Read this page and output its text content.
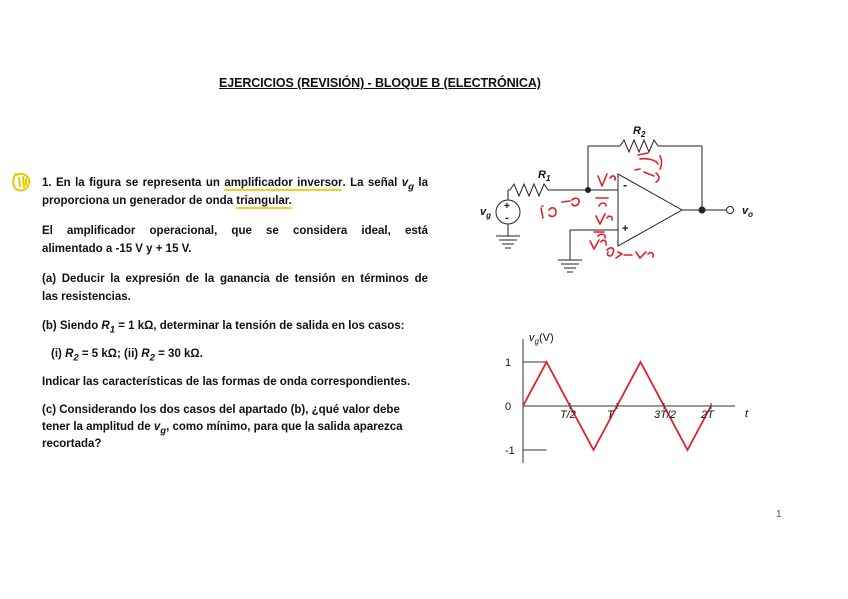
EJERCICIOS (REVISIÓN) - BLOQUE B (ELECTRÓNICA)
1. En la figura se representa un amplificador inversor. La señal $v_g$ la
proporciona un generador de onda triangular.
El amplificador operacional, que se considera ideal, está
alimentado a -15 V y + 15 V.
(a) Deducir la expresión de la ganancia de tensión en términos de
las resistencias.
(b) Siendo $R_1 = 1$ kΩ, determinar la tensión de salida en los casos:
(i) $R_2 = 5$ kΩ; (ii) $R_2 = 30$ kΩ.
Indicar las características de las formas de onda correspondientes.
(c) Considerando los dos casos del apartado (b), ¿qué valor debe
tener la amplitud de $v_g$, como mínimo, para que la salida aparezca
recortada?
+
-
-
+
$R_1$
$R_2$
$v_g$	$v_o$
$v_g(V)$
t
1
0
-1
T/2	T	3T/2 2T
1
